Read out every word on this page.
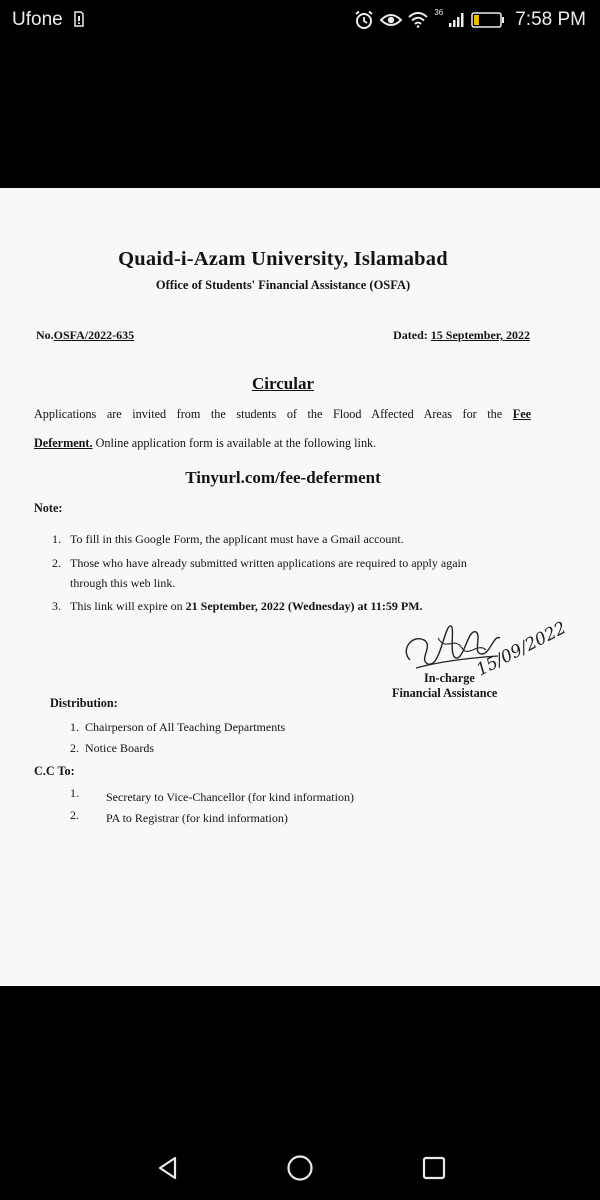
Ufone	36	7:58 PM
Quaid-i-Azam University, Islamabad
Office of Students' Financial Assistance (OSFA)
No.OSFA/2022-635	Dated: 15 September, 2022
Circular
Applications are invited from the students of the Flood Affected Areas for the Fee
Deferment. Online application form is available at the following link.
Tinyurl.com/fee-deferment
Note:
1. To fill in this Google Form, the applicant must have a Gmail account.
2. Those who have already submitted written applications are required to apply again
through this web link.
3. This link will expire on 21 September, 2022 (Wednesday) at 11:59 PM.
15/09/2022
In-charge
Financial Assistance
Distribution:
1. Chairperson of All Teaching Departments
2. Notice Boards
C.C To:
1. Secretary to Vice-Chancellor (for kind information)
2. PA to Registrar (for kind information)
